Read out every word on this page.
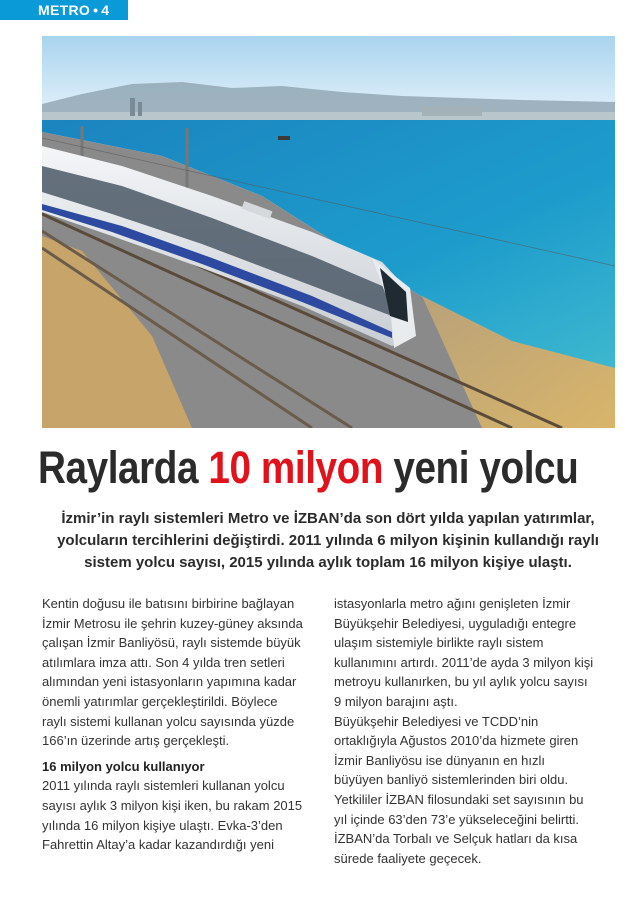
METRO • 4
Raylarda 10 milyon yeni yolcu
İzmir’in raylı sistemleri Metro ve İZBAN’da son dört yılda yapılan yatırımlar, yolcuların tercihlerini değiştirdi. 2011 yılında 6 milyon kişinin kullandığı raylı sistem yolcu sayısı, 2015 yılında aylık toplam 16 milyon kişiye ulaştı.

Kentin doğusu ile batısını birbirine bağlayan İzmir Metrosu ile şehrin kuzey-güney aksında çalışan İzmir Banliyösü, raylı sistemde büyük atılımlara imza attı. Son 4 yılda tren setleri alımından yeni istasyonların yapımına kadar önemli yatırımlar gerçekleştirildi. Böylece raylı sistemi kullanan yolcu sayısında yüzde 166’ın üzerinde artış gerçekleşti.

16 milyon yolcu kullanıyor

2011 yılında raylı sistemleri kullanan yolcu sayısı aylık 3 milyon kişi iken, bu rakam 2015 yılında 16 milyon kişiye ulaştı. Evka-3’den Fahrettin Altay’a kadar kazandırdığı yeni

istasyonlarla metro ağını genişleten İzmir Büyükşehir Belediyesi, uyguladığı entegre ulaşım sistemiyle birlikte raylı sistem kullanımını artırdı. 2011’de ayda 3 milyon kişi metroyu kullanırken, bu yıl aylık yolcu sayısı 9 milyon barajını aştı.

Büyükşehir Belediyesi ve TCDD’nin ortaklığıyla Ağustos 2010’da hizmete giren İzmir Banliyösu ise dünyanın en hızlı büyüyen banliyö sistemlerinden biri oldu. Yetkililer İZBAN filosundaki set sayısının bu yıl içinde 63’den 73’e yükseleceğini belirtti. İZBAN’da Torbalı ve Selçuk hatları da kısa sürede faaliyete geçecek.
